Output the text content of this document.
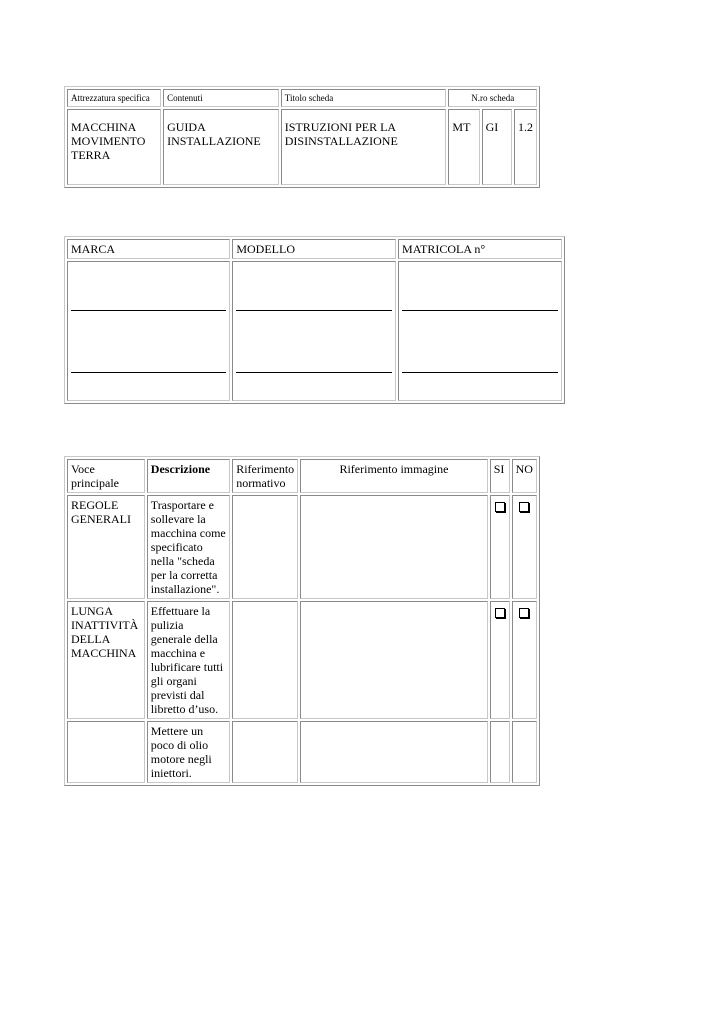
Attrezzatura specifica	Contenuti	Titolo scheda	N.ro scheda		
MACCHINA MOVIMENTO TERRA	GUIDA INSTALLAZIONE	ISTRUZIONI PER LA DISINSTALLAZIONE	MT	GI	1.2
MARCA	MODELLO	MATRICOLA n°

Voce principale	Descrizione	Riferimento normativo	Riferimento immagine	SI	NO
REGOLE GENERALI	Trasportare e sollevare la macchina come specificato nella "scheda per la corretta installazione".				
LUNGA INATTIVITÀ DELLA MACCHINA	Effettuare la pulizia generale della macchina e lubrificare tutti gli organi previsti dal libretto d’uso.				
	Mettere un poco di olio motore negli iniettori.				
